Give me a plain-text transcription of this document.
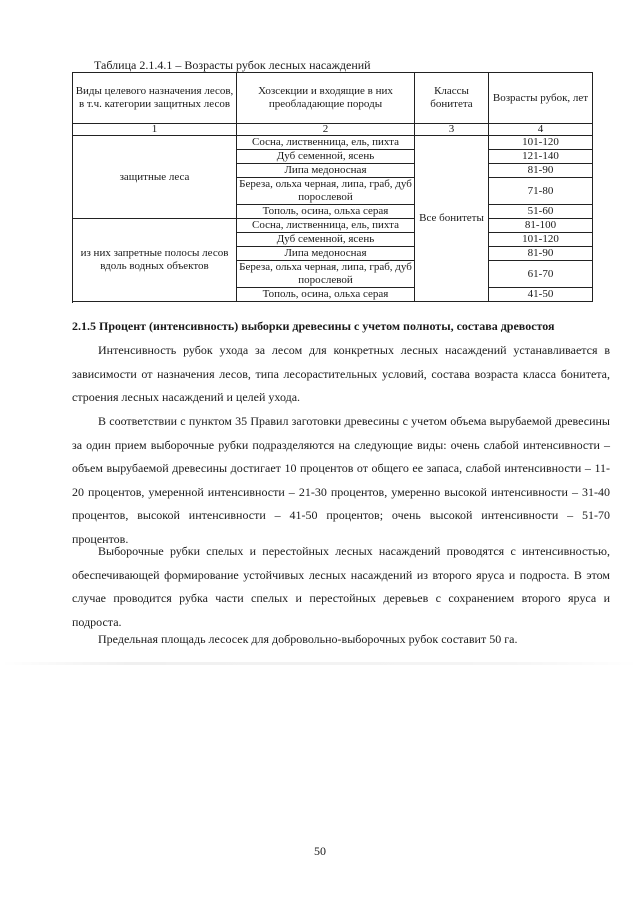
Таблица 2.1.4.1 – Возрасты рубок лесных насаждений
Виды целевого назначения лесов, в т.ч. категории защитных лесов	Хозсекции и входящие в них преобладающие породы	Классы бонитета	Возрасты рубок, лет
1	2	3	4
защитные леса	Сосна, лиственница, ель, пихта	Все бонитеты	101-120
	Дуб семенной, ясень		121-140
	Липа медоносная		81-90
	Береза, ольха черная, липа, граб, дуб порослевой		71-80
	Тополь, осина, ольха серая		51-60

из них запретные полосы лесов вдоль водных объектов	Сосна, лиственница, ель, пихта		81-100
	Дуб семенной, ясень		101-120
	Липа медоносная		81-90
	Береза, ольха черная, липа, граб, дуб порослевой		61-70
	Тополь, осина, ольха серая		41-50

2.1.5 Процент (интенсивность) выборки древесины с учетом полноты, состава древостоя

Интенсивность рубок ухода за лесом для конкретных лесных насаждений устанавливается в зависимости от назначения лесов, типа лесорастительных условий, состава возраста класса бонитета, строения лесных насаждений и целей ухода.

В соответствии с пунктом 35 Правил заготовки древесины с учетом объема вырубаемой древесины за один прием выборочные рубки подразделяются на следующие виды: очень слабой интенсивности – объем вырубаемой древесины достигает 10 процентов от общего ее запаса, слабой интенсивности – 11-20 процентов, умеренной интенсивности – 21-30 процентов, умеренно высокой интенсивности – 31-40 процентов, высокой интенсивности – 41-50 процентов; очень высокой интенсивности – 51-70 процентов.

Выборочные рубки спелых и перестойных лесных насаждений проводятся с интенсивностью, обеспечивающей формирование устойчивых лесных насаждений из второго яруса и подроста. В этом случае проводится рубка части спелых и перестойных деревьев с сохранением второго яруса и подроста.

Предельная площадь лесосек для добровольно-выборочных рубок составит 50 га.

50
